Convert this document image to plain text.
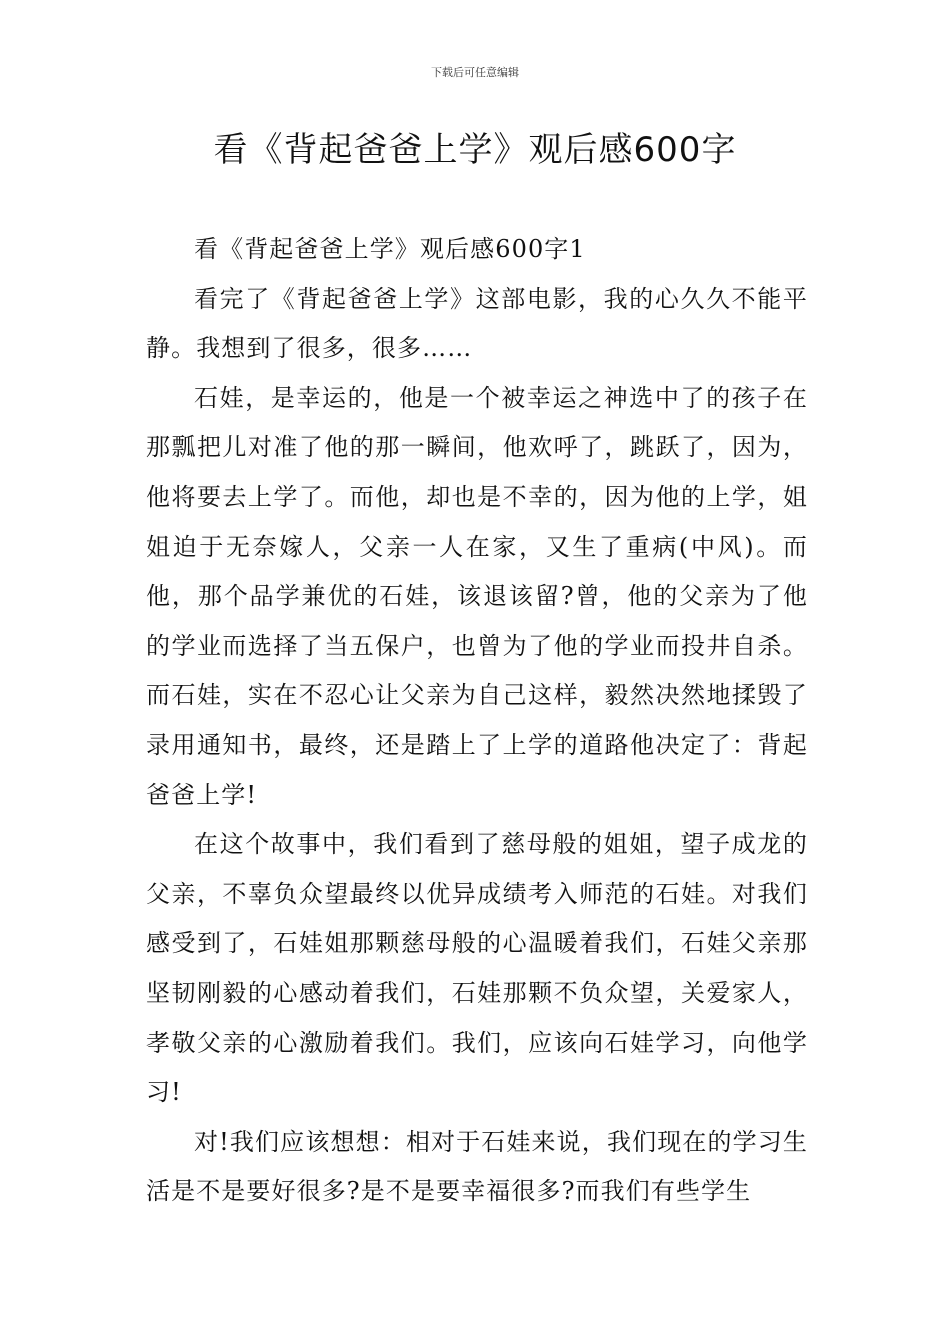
下载后可任意编辑
看《背起爸爸上学》观后感600字

看《背起爸爸上学》观后感600字1

看完了《背起爸爸上学》这部电影，我的心久久不能平静。我想到了很多，很多……

石娃，是幸运的，他是一个被幸运之神选中了的孩子在那瓢把儿对准了他的那一瞬间，他欢呼了，跳跃了，因为，他将要去上学了。而他，却也是不幸的，因为他的上学，姐姐迫于无奈嫁人，父亲一人在家，又生了重病(中风)。而他，那个品学兼优的石娃，该退该留?曾，他的父亲为了他的学业而选择了当五保户，也曾为了他的学业而投井自杀。而石娃，实在不忍心让父亲为自己这样，毅然决然地揉毁了录用通知书，最终，还是踏上了上学的道路他决定了：背起爸爸上学!

在这个故事中，我们看到了慈母般的姐姐，望子成龙的父亲，不辜负众望最终以优异成绩考入师范的石娃。对我们感受到了，石娃姐那颗慈母般的心温暖着我们，石娃父亲那坚韧刚毅的心感动着我们，石娃那颗不负众望，关爱家人，孝敬父亲的心激励着我们。我们，应该向石娃学习，向他学习!

对!我们应该想想：相对于石娃来说，我们现在的学习生活是不是要好很多?是不是要幸福很多?而我们有些学生
